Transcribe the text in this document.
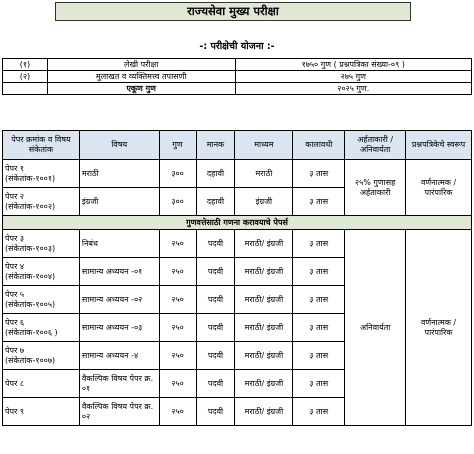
राज्यसेवा मुख्य परीक्षा
-: परीक्षेची योजना :-
(१)	लेखी परीक्षा	१७५० गुण ( प्रश्नपत्रिका संख्या-०९ )
(२)	मुलाखत व व्यक्तिमत्त्व तपासणी	२७५ गुण
	एकूण गुण	२०२५ गुण.
पेपर क्रमांक व विषय संकेतांक	विषय	गुण	मानक	माध्यम	कालावधी	अर्हताकारी /अनिवार्यता	प्रश्नपत्रिकेचे स्वरूप
पेपर १
(संकेतांक-१००१)	मराठी	३००	दहावी	मराठी	३ तास	२५% गुणासह अर्हताकारी	वर्णनात्मक / पारंपारिक
पेपर २
(संकेतांक-१००२)	इंग्रजी	३००	दहावी	इंग्रजी	३ तास		
गुणवत्तेसाठी गणना करावयाचे पेपर्स							
पेपर ३
(संकेतांक-१००३)	निबंध	२५०	पदवी	मराठी/ इंग्रजी	३ तास	अनिवार्यता	वर्णनात्मक / पारंपारिक
पेपर ४
(संकेतांक-१००४)	सामान्य अध्ययन -०१	२५०	पदवी	मराठी/ इंग्रजी	३ तास		
पेपर ५
(संकेतांक-१००५)	सामान्य अध्ययन -०२	२५०	पदवी	मराठी/ इंग्रजी	३ तास		
पेपर ६
(संकेतांक-१००६ )	सामान्य अध्ययन -०३	२५०	पदवी	मराठी/ इंग्रजी	३ तास		
पेपर ७
(संकेतांक-१००७)	सामान्य अध्ययन -४	२५०	पदवी	मराठी/ इंग्रजी	३ तास		
पेपर ८	वैकल्पिक विषय पेपर क्र. ०१	२५०	पदवी	मराठी/ इंग्रजी	३ तास		
पेपर ९	वैकल्पिक विषय पेपर क्र. ०२	२५०	पदवी	मराठी/ इंग्रजी	३ तास		
